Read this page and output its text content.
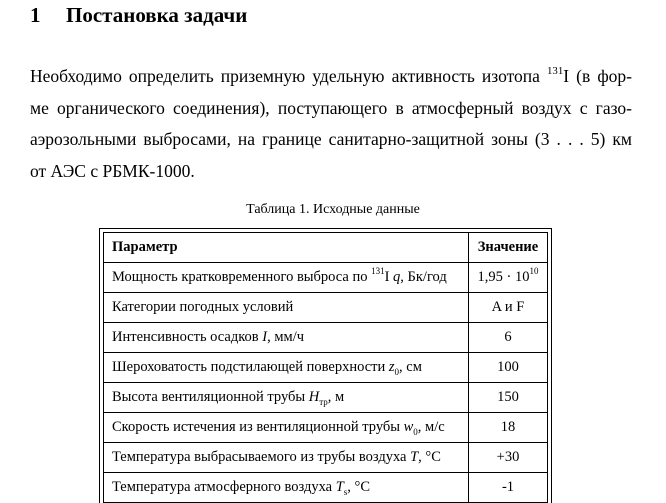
1 Постановка задачи
Необходимо определить приземную удельную активность изотопа $^{131}$I (в фор-
ме органического соединения), поступающего в атмосферный воздух с газо-
аэрозольными выбросами, на границе санитарно-защитной зоны (3 . . . 5) км
от АЭС с РБМК-1000.
Таблица 1. Исходные данные
Параметр	Значение
Мощность кратковременного выброса по $^{131}$I q, Бк/год	$1,95 \cdot 10^{10}$
Категории погодных условий	A и F
Интенсивность осадков I, мм/ч	6
Шероховатость подстилающей поверхности $z_0$, см	100
Высота вентиляционной трубы $H_{тр}$, м	150
Скорость истечения из вентиляционной трубы $w_0$, м/с	18
Температура выбрасываемого из трубы воздуха T, °C	+30
Температура атмосферного воздуха $T_s$, °C	-1
